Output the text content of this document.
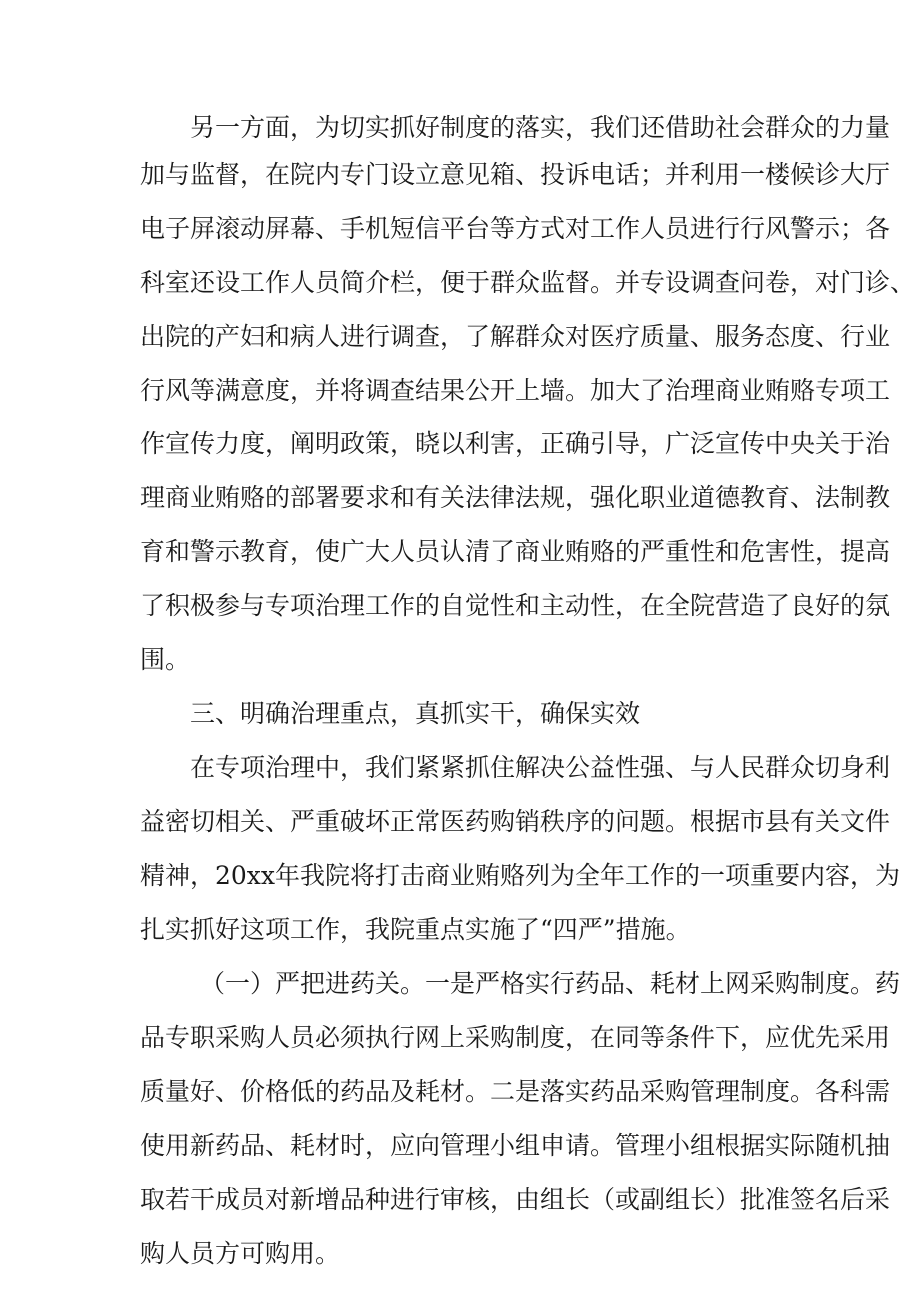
另一方面，为切实抓好制度的落实，我们还借助社会群众的力量
加与监督，在院内专门设立意见箱、投诉电话；并利用一楼候诊大厅
电子屏滚动屏幕、手机短信平台等方式对工作人员进行行风警示；各
科室还设工作人员简介栏，便于群众监督。并专设调查问卷，对门诊、
出院的产妇和病人进行调查，了解群众对医疗质量、服务态度、行业
行风等满意度，并将调查结果公开上墙。加大了治理商业贿赂专项工
作宣传力度，阐明政策，晓以利害，正确引导，广泛宣传中央关于治
理商业贿赂的部署要求和有关法律法规，强化职业道德教育、法制教
育和警示教育，使广大人员认清了商业贿赂的严重性和危害性，提高
了积极参与专项治理工作的自觉性和主动性，在全院营造了良好的氛
围。
三、明确治理重点，真抓实干，确保实效
在专项治理中，我们紧紧抓住解决公益性强、与人民群众切身利
益密切相关、严重破坏正常医药购销秩序的问题。根据市县有关文件
精神，20xx年我院将打击商业贿赂列为全年工作的一项重要内容，为
扎实抓好这项工作，我院重点实施了“四严”措施。
（一）严把进药关。一是严格实行药品、耗材上网采购制度。药
品专职采购人员必须执行网上采购制度，在同等条件下，应优先采用
质量好、价格低的药品及耗材。二是落实药品采购管理制度。各科需
使用新药品、耗材时，应向管理小组申请。管理小组根据实际随机抽
取若干成员对新增品种进行审核，由组长（或副组长）批准签名后采
购人员方可购用。
